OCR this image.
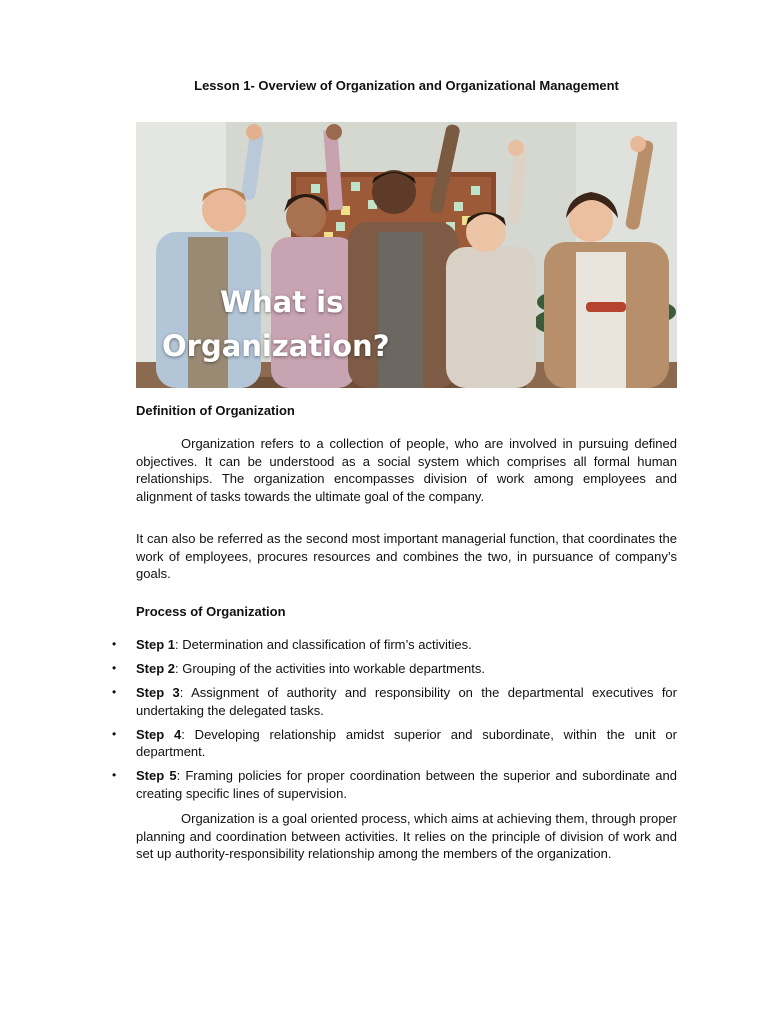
Lesson 1- Overview of Organization and Organizational Management

What is
Organization?

Definition of Organization

Organization refers to a collection of people, who are involved in pursuing defined objectives. It can be understood as a social system which comprises all formal human relationships. The organization encompasses division of work among employees and alignment of tasks towards the ultimate goal of the company.

It can also be referred as the second most important managerial function, that coordinates the work of employees, procures resources and combines the two, in pursuance of company’s goals.

Process of Organization
• Step 1: Determination and classification of firm’s activities.
• Step 2: Grouping of the activities into workable departments.
• Step 3: Assignment of authority and responsibility on the departmental executives for undertaking the delegated tasks.
• Step 4: Developing relationship amidst superior and subordinate, within the unit or department.
• Step 5: Framing policies for proper coordination between the superior and subordinate and creating specific lines of supervision.

Organization is a goal oriented process, which aims at achieving them, through proper planning and coordination between activities. It relies on the principle of division of work and set up authority-responsibility relationship among the members of the organization.
